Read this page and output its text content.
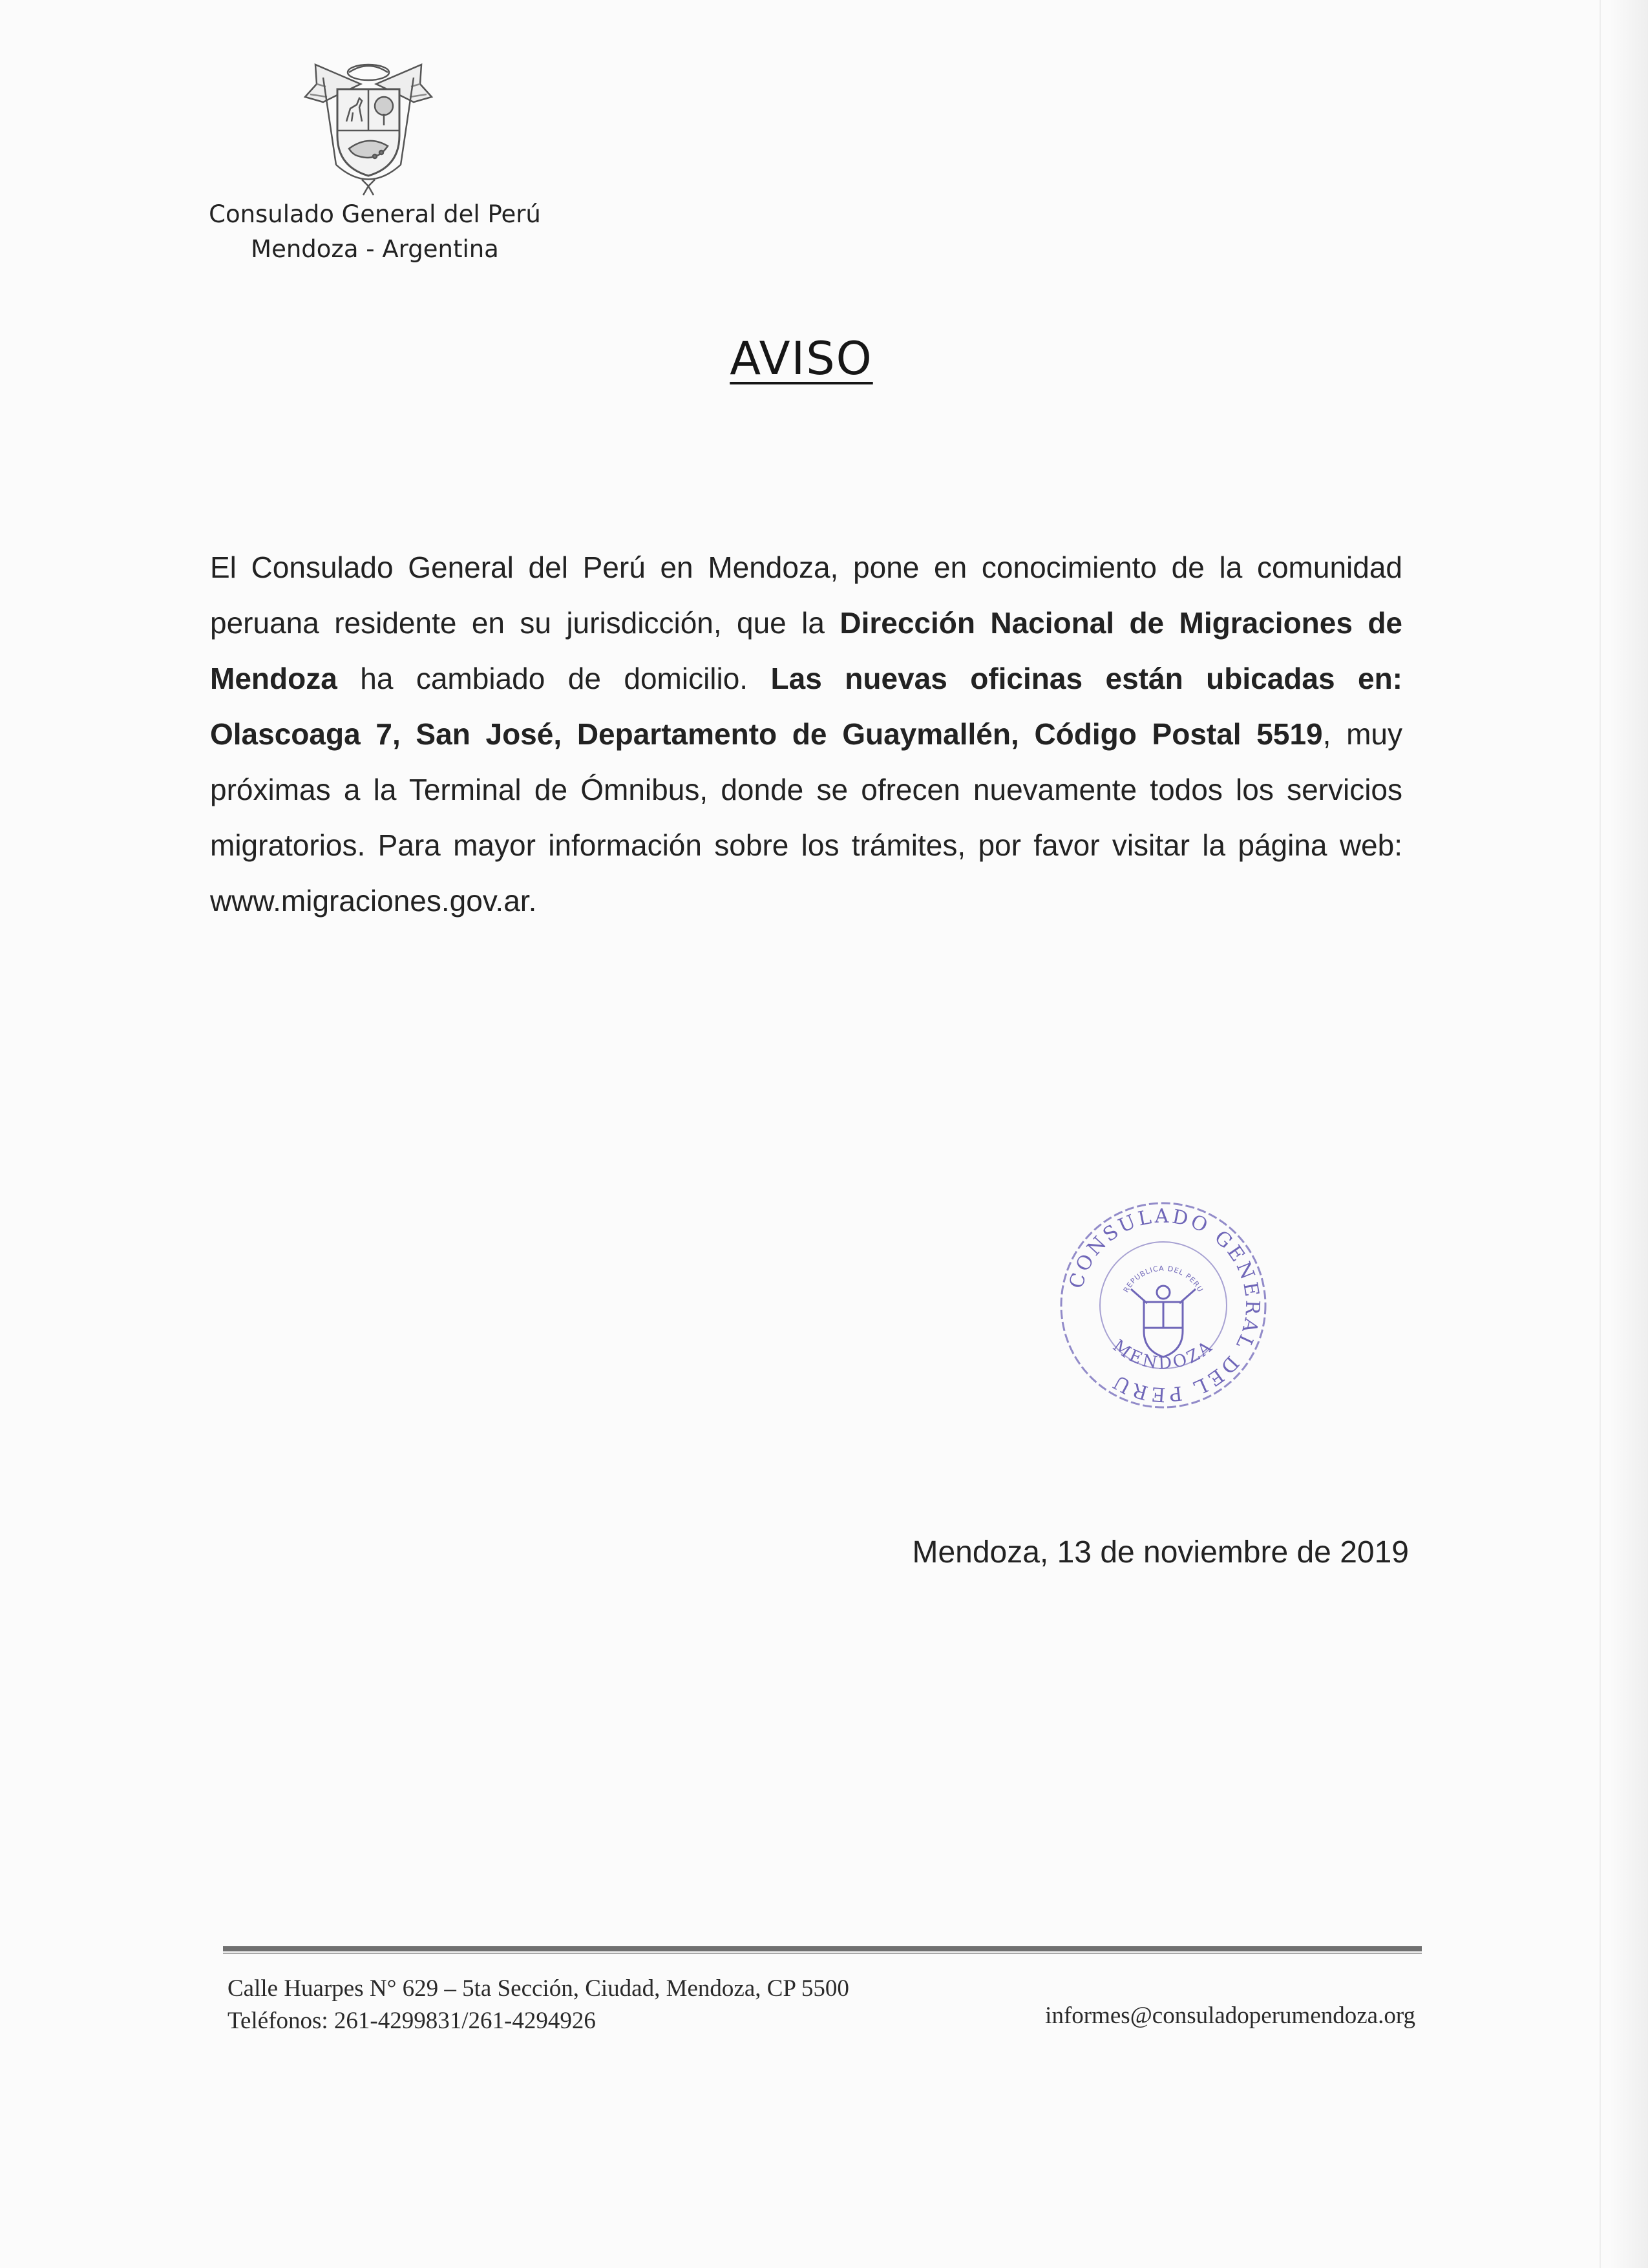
Consulado General del Perú
Mendoza - Argentina
AVISO
El Consulado General del Perú en Mendoza, pone en conocimiento de la comunidad peruana residente en su jurisdicción, que la Dirección Nacional de Migraciones de Mendoza ha cambiado de domicilio. Las nuevas oficinas están ubicadas en: Olascoaga 7, San José, Departamento de Guaymallén, Código Postal 5519, muy próximas a la Terminal de Ómnibus, donde se ofrecen nuevamente todos los servicios migratorios. Para mayor información sobre los trámites, por favor visitar la página web: www.migraciones.gov.ar.
CONSULADO GENERAL DEL PERU
MENDOZA
REPUBLICA DEL PERU
Mendoza, 13 de noviembre de 2019
Calle Huarpes N° 629 – 5ta Sección, Ciudad, Mendoza, CP 5500
Teléfonos: 261-4299831/261-4294926	informes@consuladoperumendoza.org
